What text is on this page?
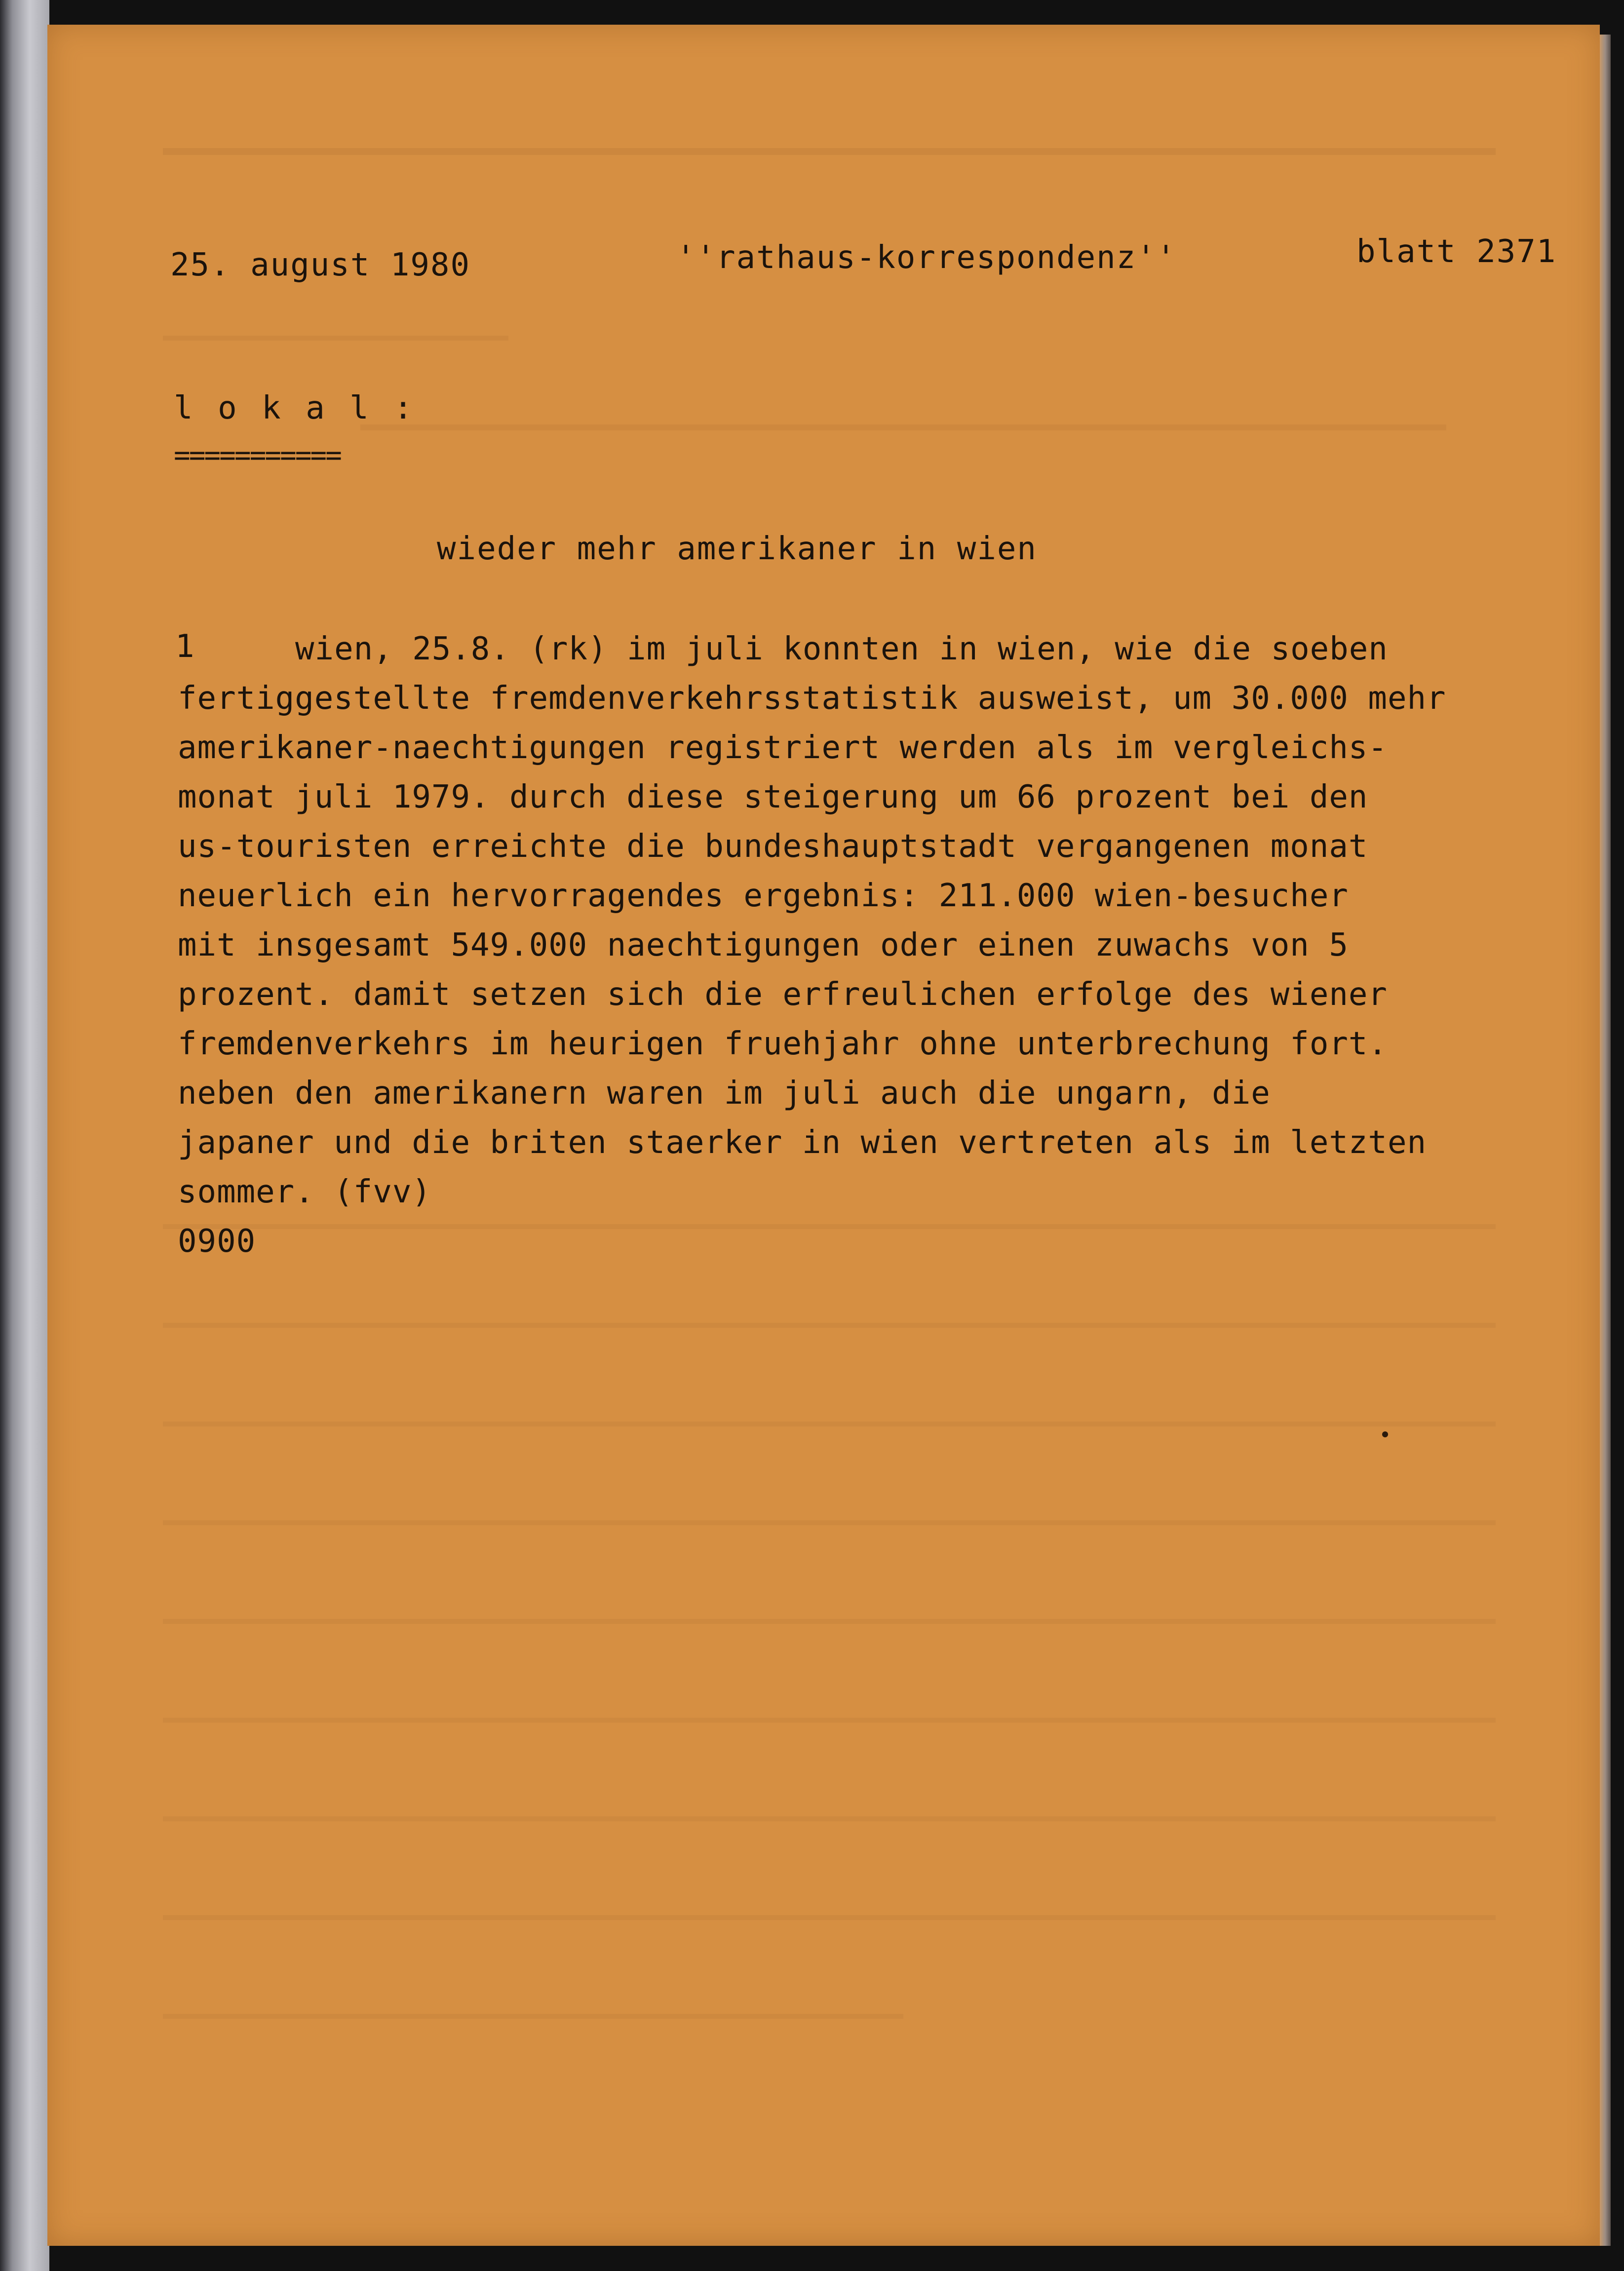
25. august 1980	''rathaus-korrespondenz''	blatt 2371
l o k a l :
===========
wieder mehr amerikaner in wien
1	wien, 25.8. (rk) im juli konnten in wien, wie die soeben
fertiggestellte fremdenverkehrsstatistik ausweist, um 30.000 mehr
amerikaner-naechtigungen registriert werden als im vergleichs-
monat juli 1979. durch diese steigerung um 66 prozent bei den
us-touristen erreichte die bundeshauptstadt vergangenen monat
neuerlich ein hervorragendes ergebnis: 211.000 wien-besucher
mit insgesamt 549.000 naechtigungen oder einen zuwachs von 5
prozent. damit setzen sich die erfreulichen erfolge des wiener
fremdenverkehrs im heurigen fruehjahr ohne unterbrechung fort.
neben den amerikanern waren im juli auch die ungarn, die
japaner und die briten staerker in wien vertreten als im letzten
sommer. (fvv)
0900
